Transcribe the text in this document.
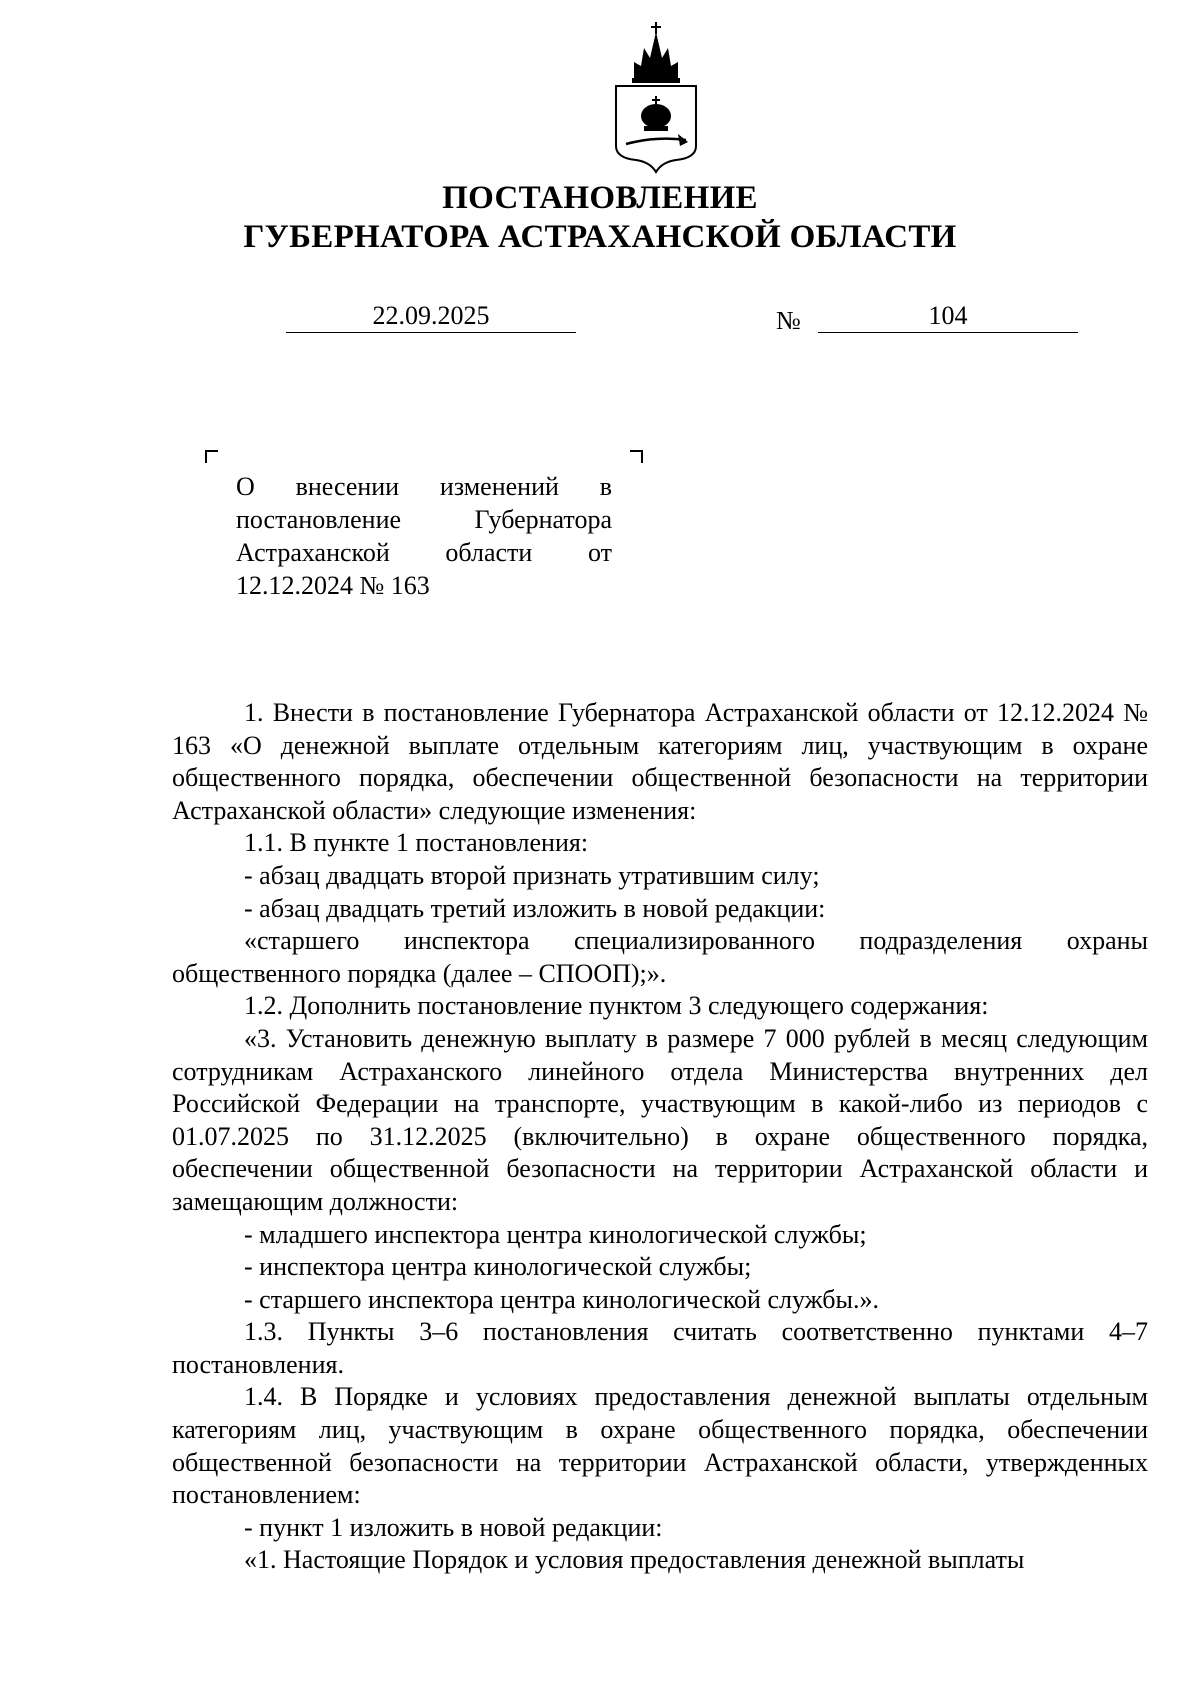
ПОСТАНОВЛЕНИЕ
ГУБЕРНАТОРА АСТРАХАНСКОЙ ОБЛАСТИ
22.09.2025	№	104
О внесении изменений в постановление Губернатора Астраханской области от 12.12.2024 № 163

1. Внести в постановление Губернатора Астраханской области от 12.12.2024 № 163 «О денежной выплате отдельным категориям лиц, участвующим в охране общественного порядка, обеспечении общественной безопасности на территории Астраханской области» следующие изменения:

1.1. В пункте 1 постановления:

- абзац двадцать второй признать утратившим силу;

- абзац двадцать третий изложить в новой редакции:

«старшего инспектора специализированного подразделения охраны общественного порядка (далее – СПООП);».

1.2. Дополнить постановление пунктом 3 следующего содержания:

«3. Установить денежную выплату в размере 7 000 рублей в месяц следующим сотрудникам Астраханского линейного отдела Министерства внутренних дел Российской Федерации на транспорте, участвующим в какой-либо из периодов с 01.07.2025 по 31.12.2025 (включительно) в охране общественного порядка, обеспечении общественной безопасности на территории Астраханской области и замещающим должности:

- младшего инспектора центра кинологической службы;

- инспектора центра кинологической службы;

- старшего инспектора центра кинологической службы.».

1.3. Пункты 3–6 постановления считать соответственно пунктами 4–7 постановления.

1.4. В Порядке и условиях предоставления денежной выплаты отдельным категориям лиц, участвующим в охране общественного порядка, обеспечении общественной безопасности на территории Астраханской области, утвержденных постановлением:

- пункт 1 изложить в новой редакции:

«1. Настоящие Порядок и условия предоставления денежной выплаты
